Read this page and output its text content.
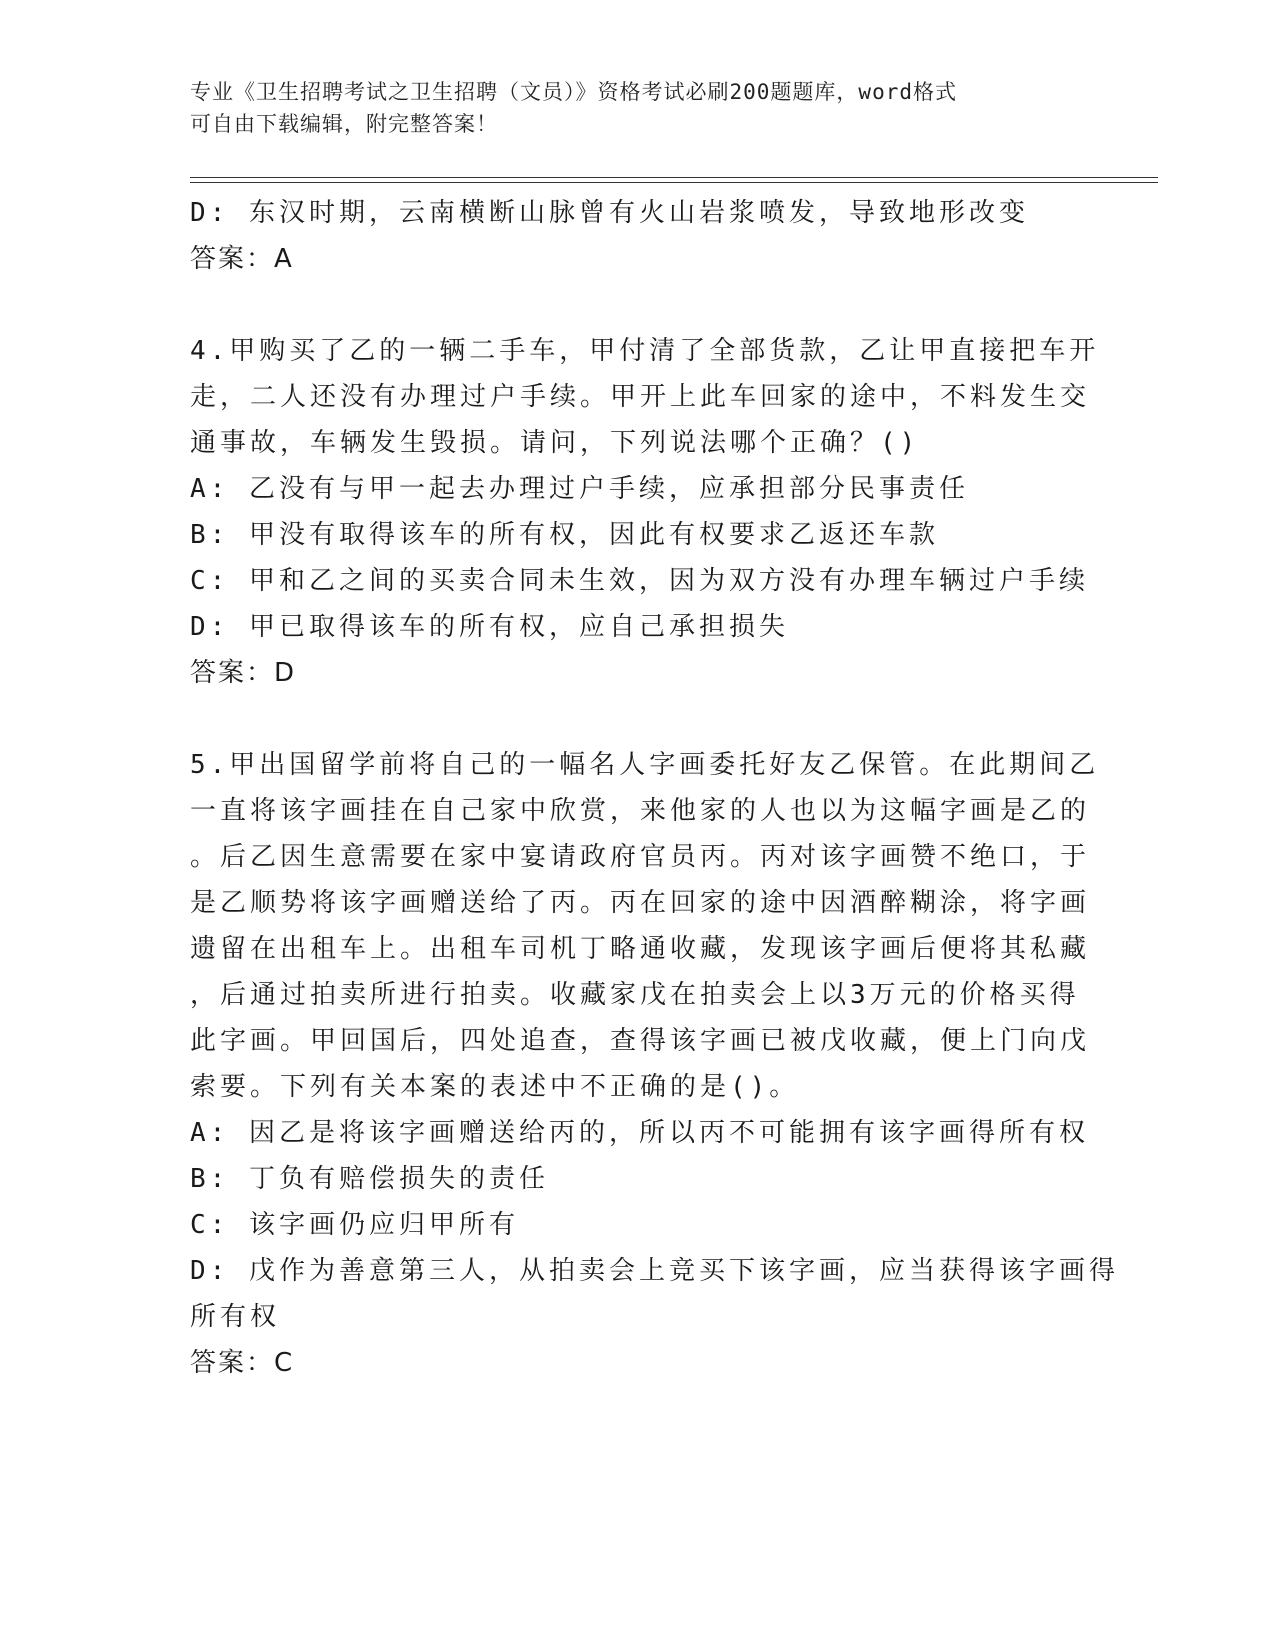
专业《卫生招聘考试之卫生招聘（文员）》资格考试必刷200题题库，word格式
可自由下载编辑，附完整答案！
D: 东汉时期，云南横断山脉曾有火山岩浆喷发，导致地形改变
答案：A
4.甲购买了乙的一辆二手车，甲付清了全部货款，乙让甲直接把车开
走，二人还没有办理过户手续。甲开上此车回家的途中，不料发生交
通事故，车辆发生毁损。请问，下列说法哪个正确？()
A: 乙没有与甲一起去办理过户手续，应承担部分民事责任
B: 甲没有取得该车的所有权，因此有权要求乙返还车款
C: 甲和乙之间的买卖合同未生效，因为双方没有办理车辆过户手续
D: 甲已取得该车的所有权，应自己承担损失
答案：D
5.甲出国留学前将自己的一幅名人字画委托好友乙保管。在此期间乙
一直将该字画挂在自己家中欣赏，来他家的人也以为这幅字画是乙的
。后乙因生意需要在家中宴请政府官员丙。丙对该字画赞不绝口，于
是乙顺势将该字画赠送给了丙。丙在回家的途中因酒醉糊涂，将字画
遗留在出租车上。出租车司机丁略通收藏，发现该字画后便将其私藏
，后通过拍卖所进行拍卖。收藏家戊在拍卖会上以3万元的价格买得
此字画。甲回国后，四处追查，查得该字画已被戊收藏，便上门向戊
索要。下列有关本案的表述中不正确的是()。
A: 因乙是将该字画赠送给丙的，所以丙不可能拥有该字画得所有权
B: 丁负有赔偿损失的责任
C: 该字画仍应归甲所有
D: 戊作为善意第三人，从拍卖会上竞买下该字画，应当获得该字画得
所有权
答案：C
